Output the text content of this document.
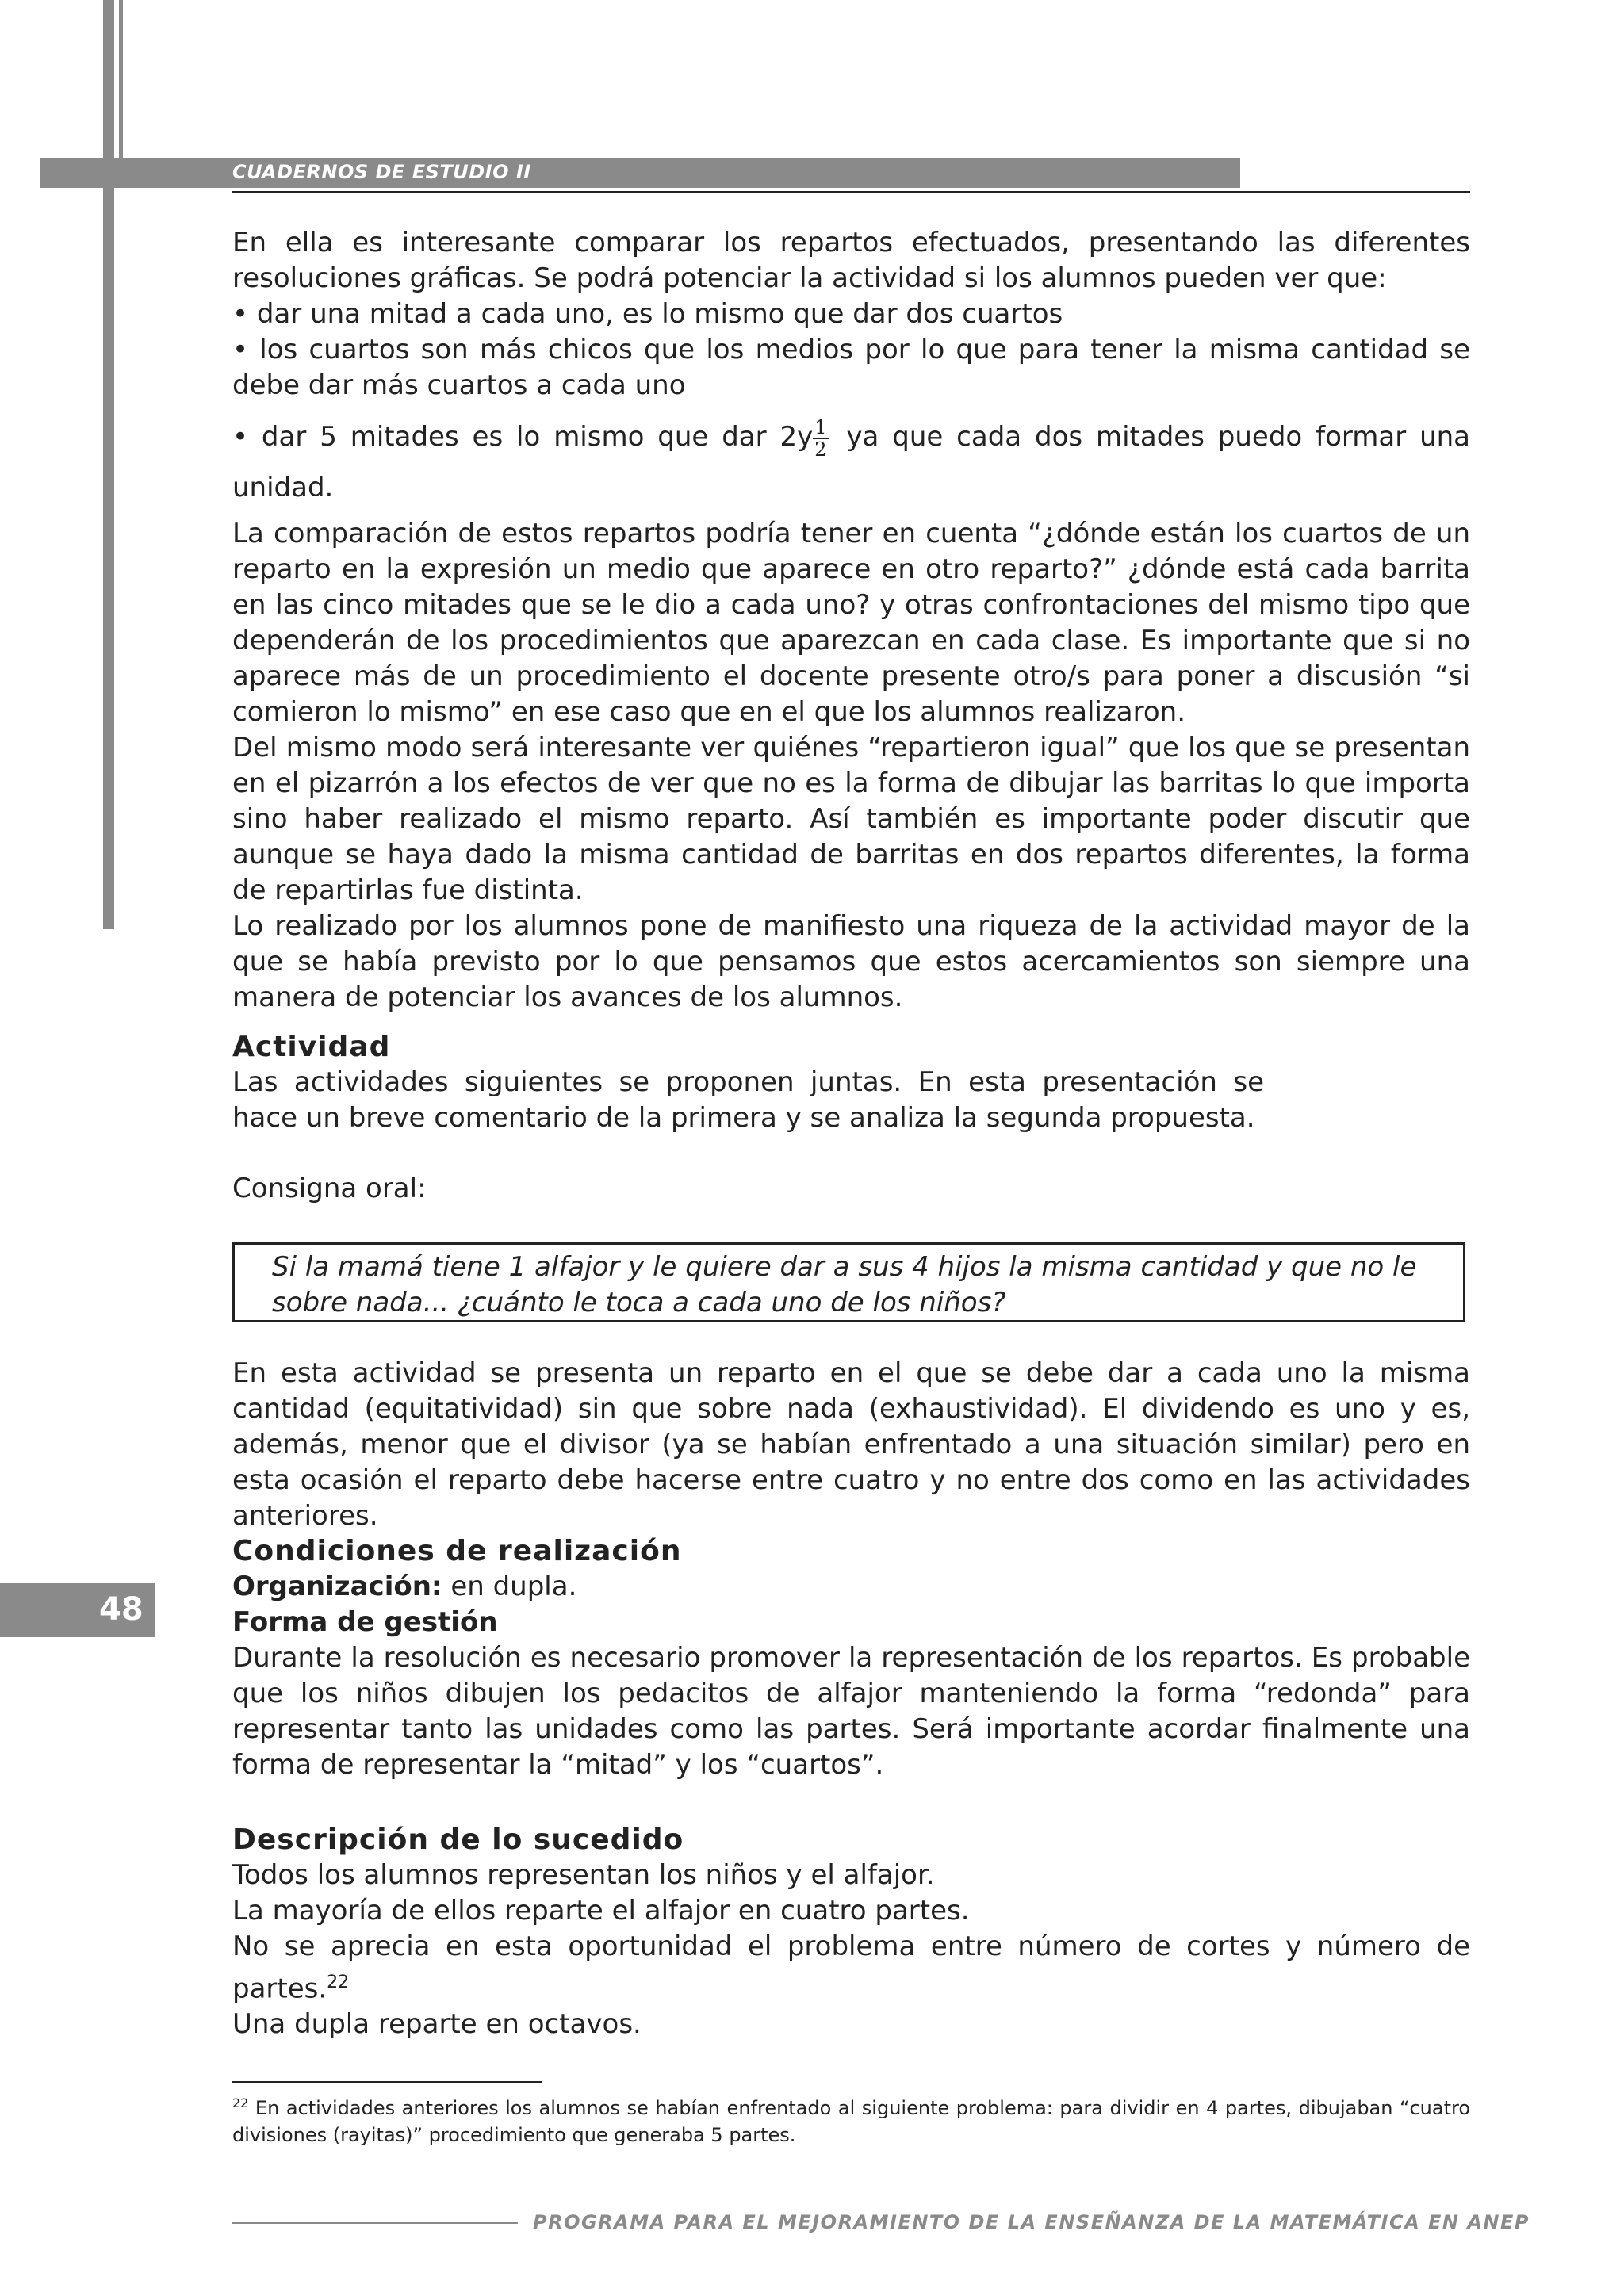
CUADERNOS DE ESTUDIO II

En ella es interesante comparar los repartos efectuados, presentando las diferentes resoluciones gráficas. Se podrá potenciar la actividad si los alumnos pueden ver que:

• dar una mitad a cada uno, es lo mismo que dar dos cuartos

• los cuartos son más chicos que los medios por lo que para tener la misma cantidad se debe dar más cuartos a cada uno

• dar 5 mitades es lo mismo que dar $2y \frac{1}{2}$ ya que cada dos mitades puedo formar una unidad.

La comparación de estos repartos podría tener en cuenta “¿dónde están los cuartos de un reparto en la expresión un medio que aparece en otro reparto?” ¿dónde está cada barrita en las cinco mitades que se le dio a cada uno? y otras confrontaciones del mismo tipo que dependerán de los procedimientos que aparezcan en cada clase. Es importante que si no aparece más de un procedimiento el docente presente otro/s para poner a discusión “si comieron lo mismo” en ese caso que en el que los alumnos realizaron.

Del mismo modo será interesante ver quiénes “repartieron igual” que los que se presentan en el pizarrón a los efectos de ver que no es la forma de dibujar las barritas lo que importa sino haber realizado el mismo reparto. Así también es importante poder discutir que aunque se haya dado la misma cantidad de barritas en dos repartos diferentes, la forma de repartirlas fue distinta.

Lo realizado por los alumnos pone de manifiesto una riqueza de la actividad mayor de la que se había previsto por lo que pensamos que estos acercamientos son siempre una manera de potenciar los avances de los alumnos.

Actividad

Las actividades siguientes se proponen juntas. En esta presentación se hace un breve comentario de la primera y se analiza la segunda propuesta.

Consigna oral:

Si la mamá tiene 1 alfajor y le quiere dar a sus 4 hijos la misma cantidad y que no le sobre nada... ¿cuánto le toca a cada uno de los niños?

En esta actividad se presenta un reparto en el que se debe dar a cada uno la misma cantidad (equitatividad) sin que sobre nada (exhaustividad). El dividendo es uno y es, además, menor que el divisor (ya se habían enfrentado a una situación similar) pero en esta ocasión el reparto debe hacerse entre cuatro y no entre dos como en las actividades anteriores.

Condiciones de realización

Organización: en dupla.

Forma de gestión

Durante la resolución es necesario promover la representación de los repartos. Es probable que los niños dibujen los pedacitos de alfajor manteniendo la forma “redonda” para representar tanto las unidades como las partes. Será importante acordar finalmente una forma de representar la “mitad” y los “cuartos”.

Descripción de lo sucedido

Todos los alumnos representan los niños y el alfajor.

La mayoría de ellos reparte el alfajor en cuatro partes.

No se aprecia en esta oportunidad el problema entre número de cortes y número de partes.$^{22}$

Una dupla reparte en octavos.

48

$^{22}$ En actividades anteriores los alumnos se habían enfrentado al siguiente problema: para dividir en 4 partes, dibujaban “cuatro divisiones (rayitas)” procedimiento que generaba 5 partes.

PROGRAMA PARA EL MEJORAMIENTO DE LA ENSEÑANZA DE LA MATEMÁTICA EN ANEP
